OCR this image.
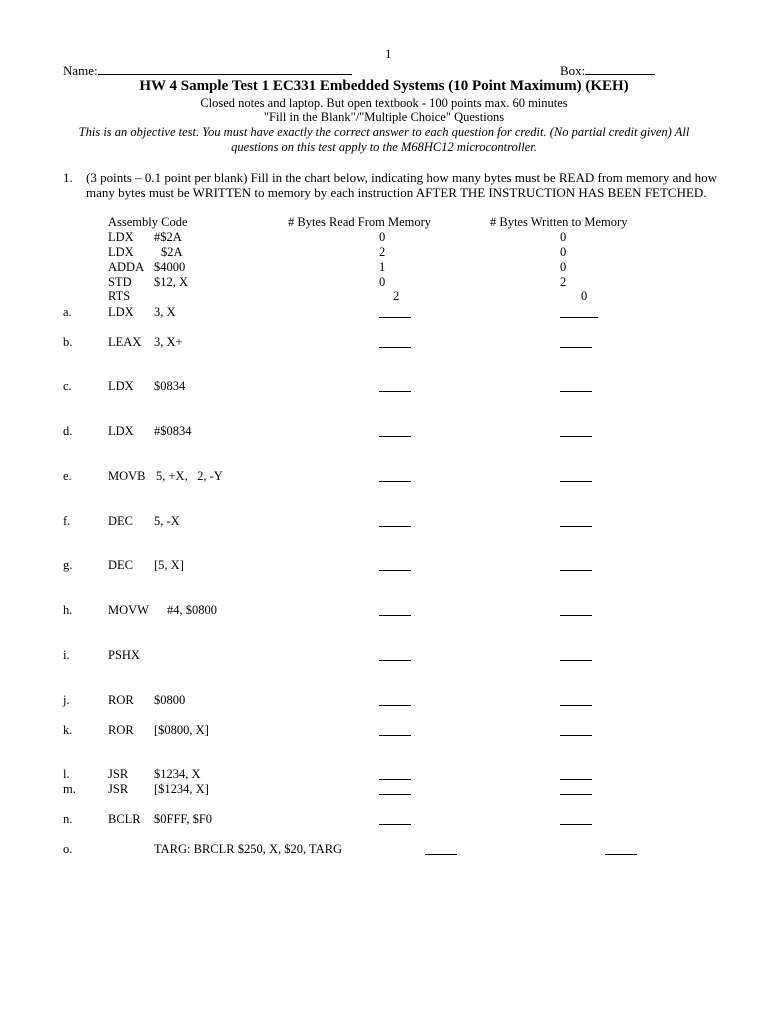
1
Name:	Box:
HW 4 Sample Test 1 EC331 Embedded Systems (10 Point Maximum) (KEH)
Closed notes and laptop. But open textbook - 100 points max. 60 minutes
"Fill in the Blank"/"Multiple Choice" Questions
This is an objective test. You must have exactly the correct answer to each question for credit. (No partial credit given) All
questions on this test apply to the M68HC12 microcontroller.
1. (3 points – 0.1 point per blank) Fill in the chart below, indicating how many bytes must be READ from memory and how
many bytes must be WRITTEN to memory by each instruction AFTER THE INSTRUCTION HAS BEEN FETCHED.
Assembly Code	# Bytes Read From Memory	# Bytes Written to Memory
LDX #$2A	0	0
LDX $2A	2	0
ADDA $4000	1	0
STD $12, X	0	2
RTS	2	0
a.	LDX 3, X
b.	LEAX 3, X+
c.	LDX $0834
d.	LDX #$0834
e.	MOVB 5, +X,   2, -Y
f.	DEC 5, -X
g.	DEC [5, X]
h.	MOVW #4, $0800
i.	PSHX
j.	ROR $0800
k.	ROR [$0800, X]
l.	JSR $1234, X
m.	JSR [$1234, X]
n.	BCLR $0FFF, $F0
o.	TARG: BRCLR $250, X, $20, TARG
